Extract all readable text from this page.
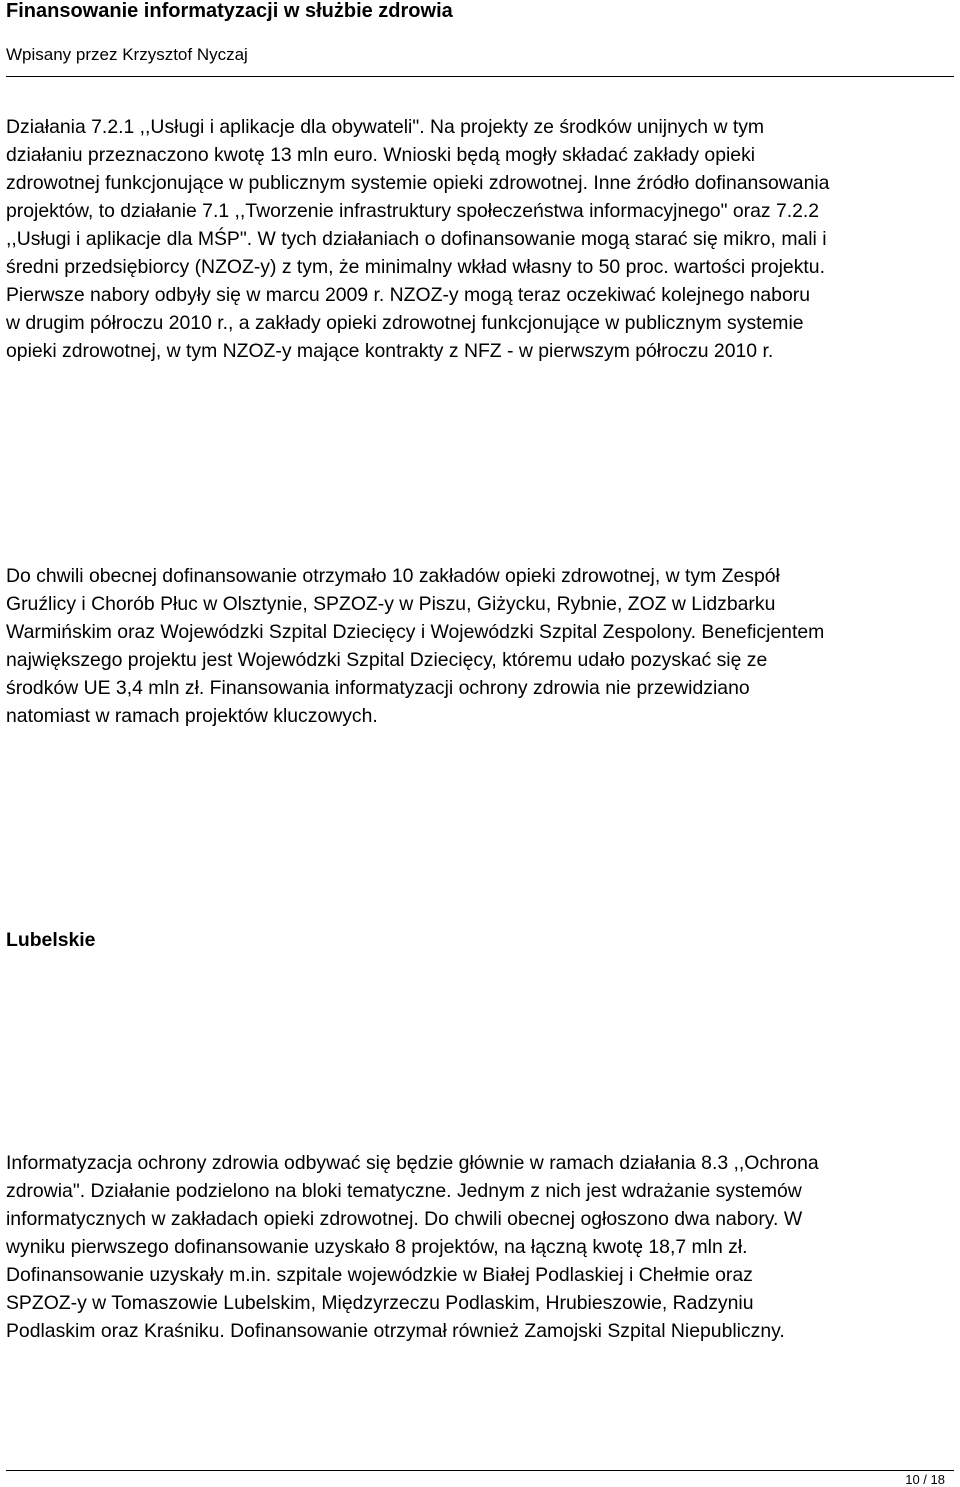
Finansowanie informatyzacji w służbie zdrowia
Wpisany przez Krzysztof Nyczaj

Działania 7.2.1 ,,Usługi i aplikacje dla obywateli". Na projekty ze środków unijnych w tym
działaniu przeznaczono kwotę 13 mln euro. Wnioski będą mogły składać zakłady opieki
zdrowotnej funkcjonujące w publicznym systemie opieki zdrowotnej. Inne źródło dofinansowania
projektów, to działanie 7.1 ,,Tworzenie infrastruktury społeczeństwa informacyjnego" oraz 7.2.2
,,Usługi i aplikacje dla MŚP". W tych działaniach o dofinansowanie mogą starać się mikro, mali i
średni przedsiębiorcy (NZOZ-y) z tym, że minimalny wkład własny to 50 proc. wartości projektu.
Pierwsze nabory odbyły się w marcu 2009 r. NZOZ-y mogą teraz oczekiwać kolejnego naboru
w drugim półroczu 2010 r., a zakłady opieki zdrowotnej funkcjonujące w publicznym systemie
opieki zdrowotnej, w tym NZOZ-y mające kontrakty z NFZ - w pierwszym półroczu 2010 r.

Do chwili obecnej dofinansowanie otrzymało 10 zakładów opieki zdrowotnej, w tym Zespół
Gruźlicy i Chorób Płuc w Olsztynie, SPZOZ-y w Piszu, Giżycku, Rybnie, ZOZ w Lidzbarku
Warmińskim oraz Wojewódzki Szpital Dziecięcy i Wojewódzki Szpital Zespolony. Beneficjentem
największego projektu jest Wojewódzki Szpital Dziecięcy, któremu udało pozyskać się ze
środków UE 3,4 mln zł. Finansowania informatyzacji ochrony zdrowia nie przewidziano
natomiast w ramach projektów kluczowych.

Lubelskie

Informatyzacja ochrony zdrowia odbywać się będzie głównie w ramach działania 8.3 ,,Ochrona
zdrowia". Działanie podzielono na bloki tematyczne. Jednym z nich jest wdrażanie systemów
informatycznych w zakładach opieki zdrowotnej. Do chwili obecnej ogłoszono dwa nabory. W
wyniku pierwszego dofinansowanie uzyskało 8 projektów, na łączną kwotę 18,7 mln zł.
Dofinansowanie uzyskały m.in. szpitale wojewódzkie w Białej Podlaskiej i Chełmie oraz
SPZOZ-y w Tomaszowie Lubelskim, Międzyrzeczu Podlaskim, Hrubieszowie, Radzyniu
Podlaskim oraz Kraśniku. Dofinansowanie otrzymał również Zamojski Szpital Niepubliczny.

10 / 18
